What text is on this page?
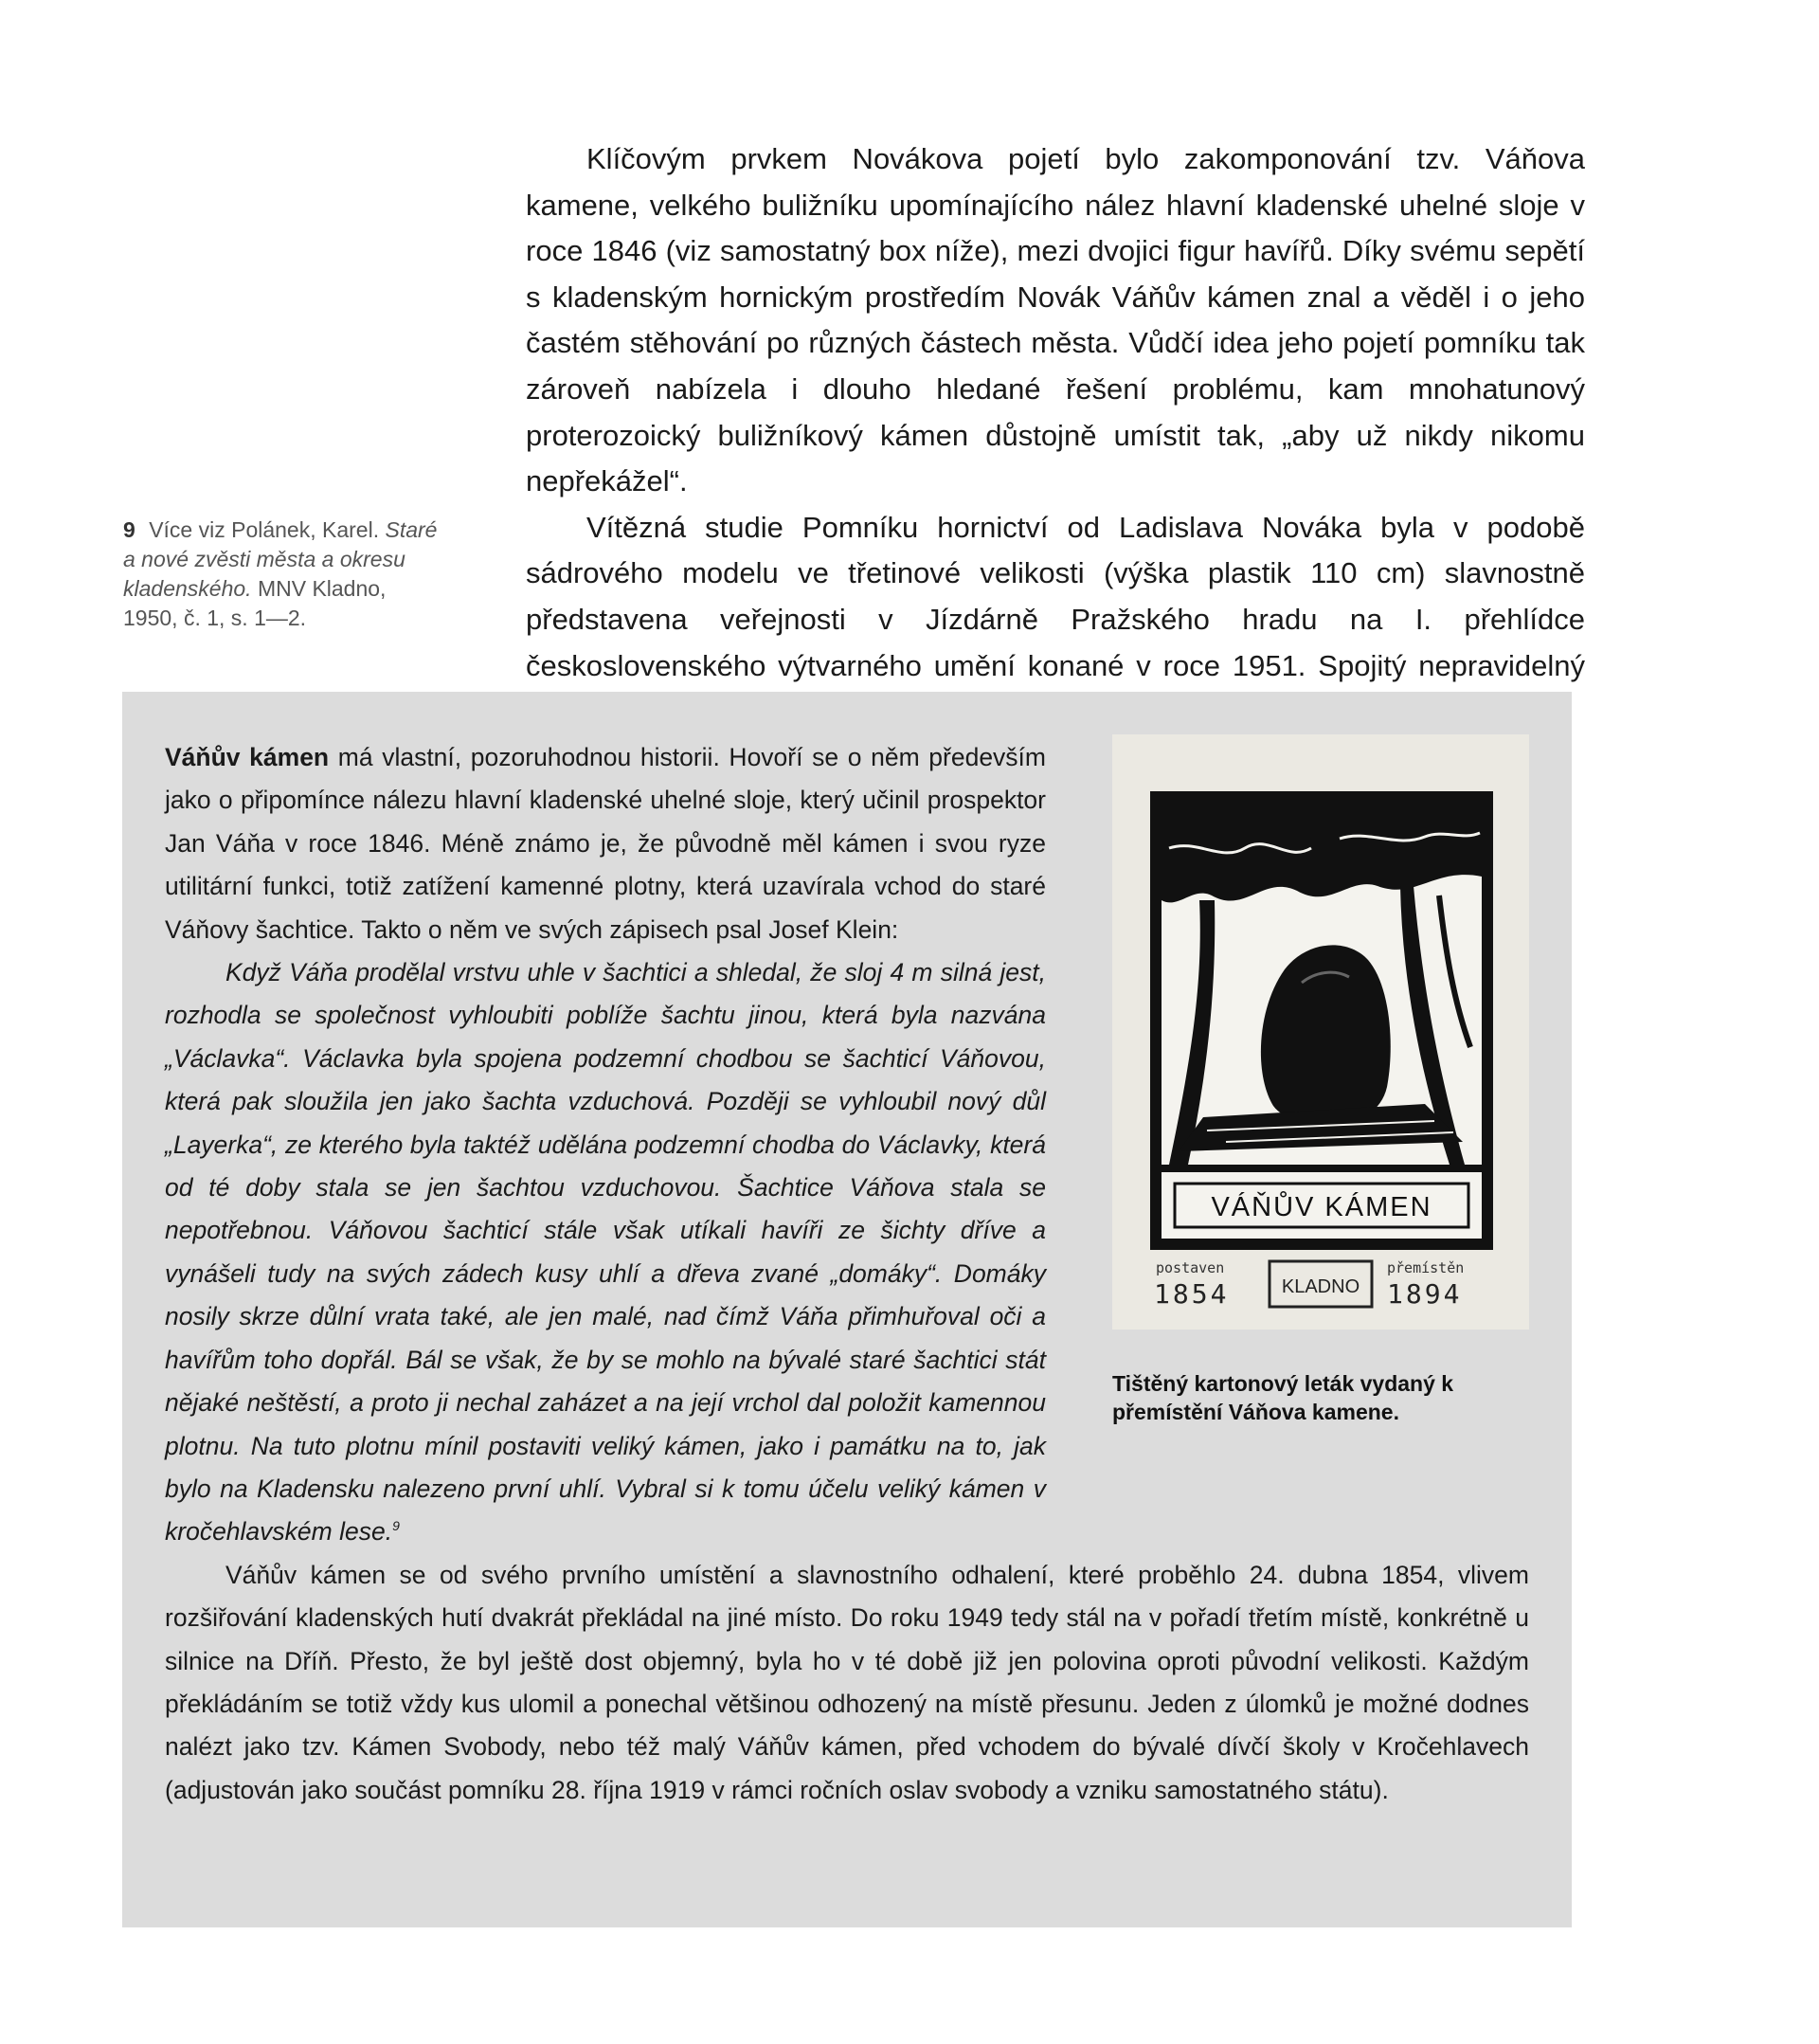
Klíčovým prvkem Novákova pojetí bylo zakomponování tzv. Váňova kamene, velkého buližníku upomínajícího nález hlavní kladenské uhelné sloje v roce 1846 (viz samostatný box níže), mezi dvojici figur havířů. Díky svému sepětí s kladenským hornickým prostředím Novák Váňův kámen znal a věděl i o jeho častém stěhování po různých částech města. Vůdčí idea jeho pojetí pomníku tak zároveň nabízela i dlouho hledané řešení problému, kam mnohatunový proterozoický buližníkový kámen důstojně umístit tak, „aby už nikdy nikomu nepřekážel“.

Vítězná studie Pomníku hornictví od Ladislava Nováka byla v podobě sádrového modelu ve třetinové velikosti (výška plastik 110 cm) slavnostně představena veřejnosti v Jízdárně Pražského hradu na I. přehlídce československého výtvarného umění konané v roce 1951. Spojitý nepravidelný

9 Více viz Polánek, Karel. Staré a nové zvěsti města a okresu kladenského. MNV Kladno, 1950, č. 1, s. 1—2.
VÁŇŮV KÁMEN
postaven
1854	KLADNO
přemístěn
1894
Tištěný kartonový leták vydaný k přemístění Váňova kamene.

Váňův kámen má vlastní, pozoruhodnou historii. Hovoří se o něm především jako o připomínce nálezu hlavní kladenské uhelné sloje, který učinil prospektor Jan Váňa v roce 1846. Méně známo je, že původně měl kámen i svou ryze utilitární funkci, totiž zatížení kamenné plotny, která uzavírala vchod do staré Váňovy šachtice. Takto o něm ve svých zápisech psal Josef Klein:

Když Váňa prodělal vrstvu uhle v šachtici a shledal, že sloj 4 m silná jest, rozhodla se společnost vyhloubiti poblíže šachtu jinou, která byla nazvána „Václavka“. Václavka byla spojena podzemní chodbou se šachticí Váňovou, která pak sloužila jen jako šachta vzduchová. Později se vyhloubil nový důl „Layerka“, ze kterého byla taktéž udělána podzemní chodba do Václavky, která od té doby stala se jen šachtou vzduchovou. Šachtice Váňova stala se nepotřebnou. Váňovou šachticí stále však utíkali havíři ze šichty dříve a vynášeli tudy na svých zádech kusy uhlí a dřeva zvané „domáky“. Domáky nosily skrze důlní vrata také, ale jen malé, nad čímž Váňa přimhuřoval oči a havířům toho dopřál. Bál se však, že by se mohlo na bývalé staré šachtici stát nějaké neštěstí, a proto ji nechal zaházet a na její vrchol dal položit kamennou plotnu. Na tuto plotnu mínil postaviti veliký kámen, jako i památku na to, jak bylo na Kladensku nalezeno první uhlí. Vybral si k tomu účelu veliký kámen v kročehlavském lese.$^9$

Váňův kámen se od svého prvního umístění a slavnostního odhalení, které proběhlo 24. dubna 1854, vlivem rozšiřování kladenských hutí dvakrát překládal na jiné místo. Do roku 1949 tedy stál na v pořadí třetím místě, konkrétně u silnice na Dříň. Přesto, že byl ještě dost objemný, byla ho v té době již jen polovina oproti původní velikosti. Každým překládáním se totiž vždy kus ulomil a ponechal většinou odhozený na místě přesunu. Jeden z úlomků je možné dodnes nalézt jako tzv. Kámen Svobody, nebo též malý Váňův kámen, před vchodem do bývalé dívčí školy v Kročehlavech (adjustován jako součást pomníku 28. října 1919 v rámci ročních oslav svobody a vzniku samostatného státu).
